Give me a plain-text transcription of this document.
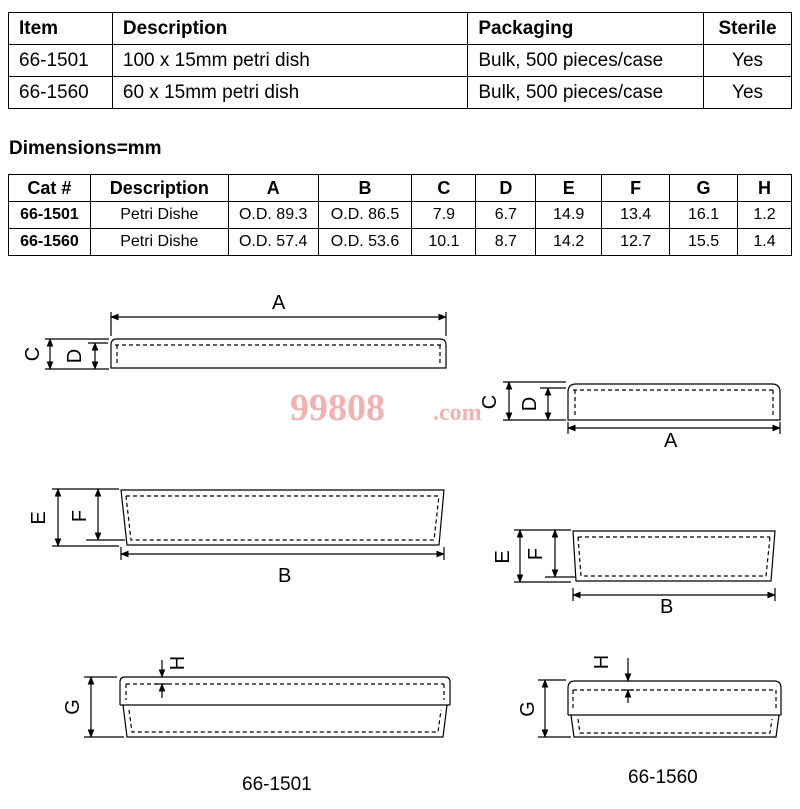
Item	Description	Packaging	Sterile
66-1501	100 x 15mm petri dish	Bulk, 500 pieces/case	Yes
66-1560	60 x 15mm petri dish	Bulk, 500 pieces/case	Yes
Dimensions=mm
Cat #	Description	A	B	C	D	E	F	G	H
66-1501	Petri Dishe	O.D. 89.3	O.D. 86.5	7.9	6.7	14.9	13.4	16.1	1.2
66-1560	Petri Dishe	O.D. 57.4	O.D. 53.6	10.1	8.7	14.2	12.7	15.5	1.4
99808 .com
A
C D
A
C D
E F
B
E F
B
G
H
G
H
66-1501	66-1560
